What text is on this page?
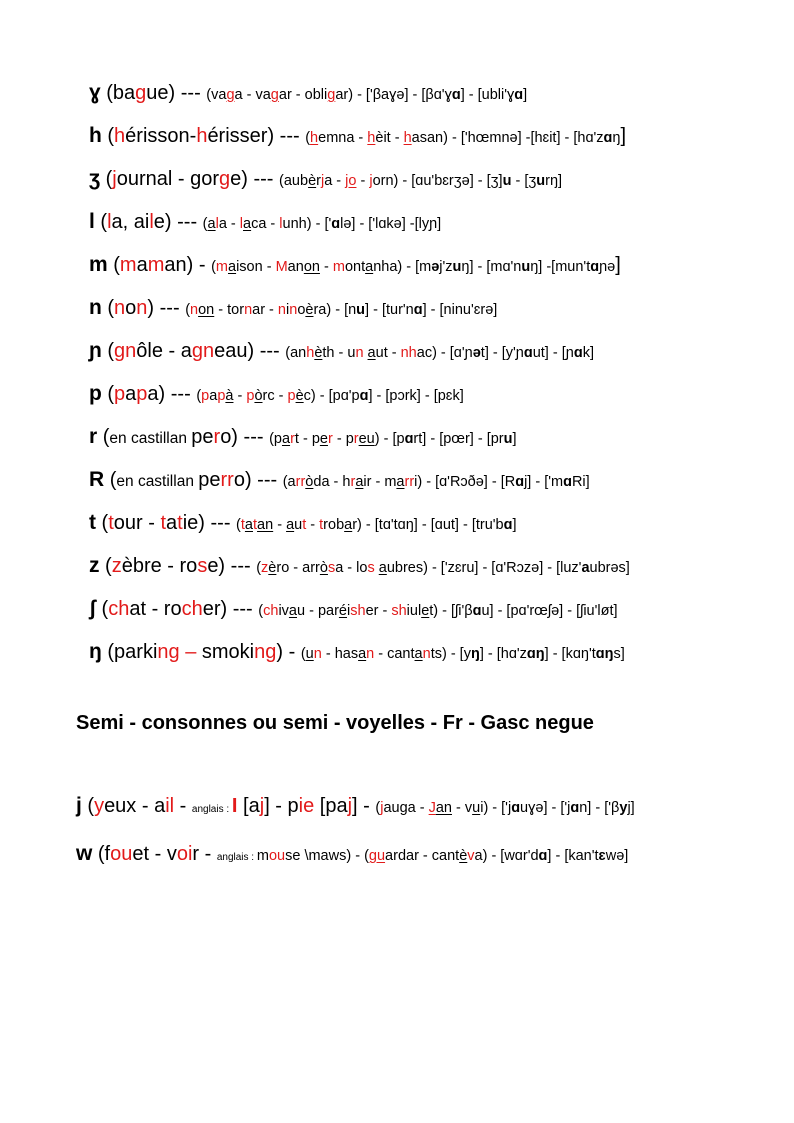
ɣ (bague) --- (vaga - vagar - obligar) - ['βaɣə] - [βɑ'ɣɑ] - [ubli'ɣɑ]
h (hérisson-hérisser) --- (hemna - hèit - hasan) - ['hœmnə] -[hɛit] - [hɑ'zɑŋ]
ʒ (journal - gorge) --- (aubèrja - jo - jorn) - [ɑu'bɛrʒə] - [ʒ]u - [ʒurŋ]
l (la, aile) --- (ala - laca - lunh) - ['ɑlə] - ['lɑkə] -[lyɲ]
m (maman) - (maison - Manon - montanha) - [məj'zuŋ] - [mɑ'nuŋ] -[mun'tɑɲə]
n (non) --- (non - tornar - ninoèra) - [nu] - [tur'nɑ] - [ninu'ɛrə]
ɲ (gnôle - agneau) --- (anhèth - un aut - nhac) - [ɑ'ɲət] - [y'ɲɑut] - [ɲɑk]
p (papa) --- (papà - pòrc - pèc) - [pɑ'pɑ] - [pɔrk] - [pɛk]
r (en castillan pero) --- (part - per - preu) - [pɑrt] - [pœr] - [pru]
R (en castillan perro) --- (arròda - hrair - marri) - [ɑ'Rɔðə] - [Rɑj] - ['mɑRi]
t (tour - tatie) --- (tatan - aut - trobar) - [tɑ'tɑŋ] - [ɑut] - [tru'bɑ]
z (zèbre - rose) --- (zèro - arròsa - los aubres) - ['zɛru] - [ɑ'Rɔzə] - [luz'aubrəs]
ʃ (chat - rocher) --- (chivau - paréisher - shiulet) - [ʃi'βɑu] - [pɑ'rœʃə] - [ʃiu'løt]
ŋ (parking – smoking) - (un - hasan - cantants) - [yŋ] - [hɑ'zɑŋ] - [kɑŋ'tɑŋs]
Semi - consonnes ou semi - voyelles - Fr - Gasc negue
j (yeux - ail - anglais : I [aj] - pie [paj] - (jauga - Jan - vui) - ['jɑuɣə] - ['jɑn] - ['βyj]
w (fouet - voir - anglais : mouse \maws) - (guardar - cantèva) - [wɑr'dɑ] - [kan'tɛwə]
